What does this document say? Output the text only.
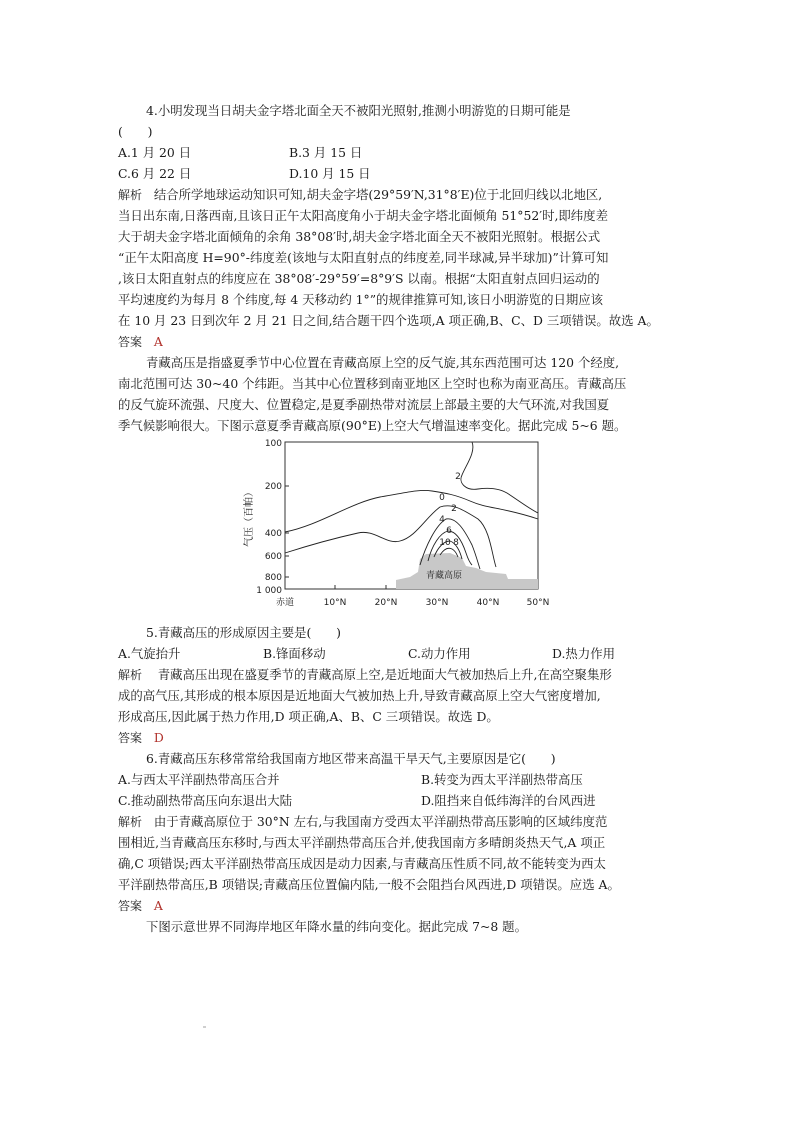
4.小明发现当日胡夫金字塔北面全天不被阳光照射,推测小明游览的日期可能是
(　　)
A.1 月 20 日	B.3 月 15 日
C.6 月 22 日	D.10 月 15 日
解析 结合所学地球运动知识可知,胡夫金字塔(29°59′N,31°8′E)位于北回归线以北地区,
当日出东南,日落西南,且该日正午太阳高度角小于胡夫金字塔北面倾角 51°52′时,即纬度差
大于胡夫金字塔北面倾角的余角 38°08′时,胡夫金字塔北面全天不被阳光照射。根据公式
“正午太阳高度 H=90°-纬度差(该地与太阳直射点的纬度差,同半球减,异半球加)”计算可知
,该日太阳直射点的纬度应在 38°08′-29°59′=8°9′S 以南。根据“太阳直射点回归运动的
平均速度约为每月 8 个纬度,每 4 天移动约 1°”的规律推算可知,该日小明游览的日期应该
在 10 月 23 日到次年 2 月 21 日之间,结合题干四个选项,A 项正确,B、C、D 三项错误。故选 A。
答案 A
青藏高压是指盛夏季节中心位置在青藏高原上空的反气旋,其东西范围可达 120 个经度,
南北范围可达 30~40 个纬距。当其中心位置移到南亚地区上空时也称为南亚高压。青藏高压
的反气旋环流强、尺度大、位置稳定,是夏季副热带对流层上部最主要的大气环流,对我国夏
季气候影响很大。下图示意夏季青藏高原(90°E)上空大气增温速率变化。据此完成 5~6 题。
气压（百帕）
100
200
400
600
800
1 000
赤道	10°N	20°N	30°N	40°N	50°N
青藏高原
2
0
2
4
6
10 8
5.青藏高压的形成原因主要是(　　)
A.气旋抬升	B.锋面移动	C.动力作用	D.热力作用
解析 青藏高压出现在盛夏季节的青藏高原上空,是近地面大气被加热后上升,在高空聚集形
成的高气压,其形成的根本原因是近地面大气被加热上升,导致青藏高原上空大气密度增加,
形成高压,因此属于热力作用,D 项正确,A、B、C 三项错误。故选 D。
答案 D
6.青藏高压东移常常给我国南方地区带来高温干旱天气,主要原因是它(　　)
A.与西太平洋副热带高压合并	B.转变为西太平洋副热带高压
C.推动副热带高压向东退出大陆	D.阻挡来自低纬海洋的台风西进
解析 由于青藏高原位于 30°N 左右,与我国南方受西太平洋副热带高压影响的区域纬度范
围相近,当青藏高压东移时,与西太平洋副热带高压合并,使我国南方多晴朗炎热天气,A 项正
确,C 项错误;西太平洋副热带高压成因是动力因素,与青藏高压性质不同,故不能转变为西太
平洋副热带高压,B 项错误;青藏高压位置偏内陆,一般不会阻挡台风西进,D 项错误。应选 A。
答案 A
下图示意世界不同海岸地区年降水量的纬向变化。据此完成 7~8 题。
